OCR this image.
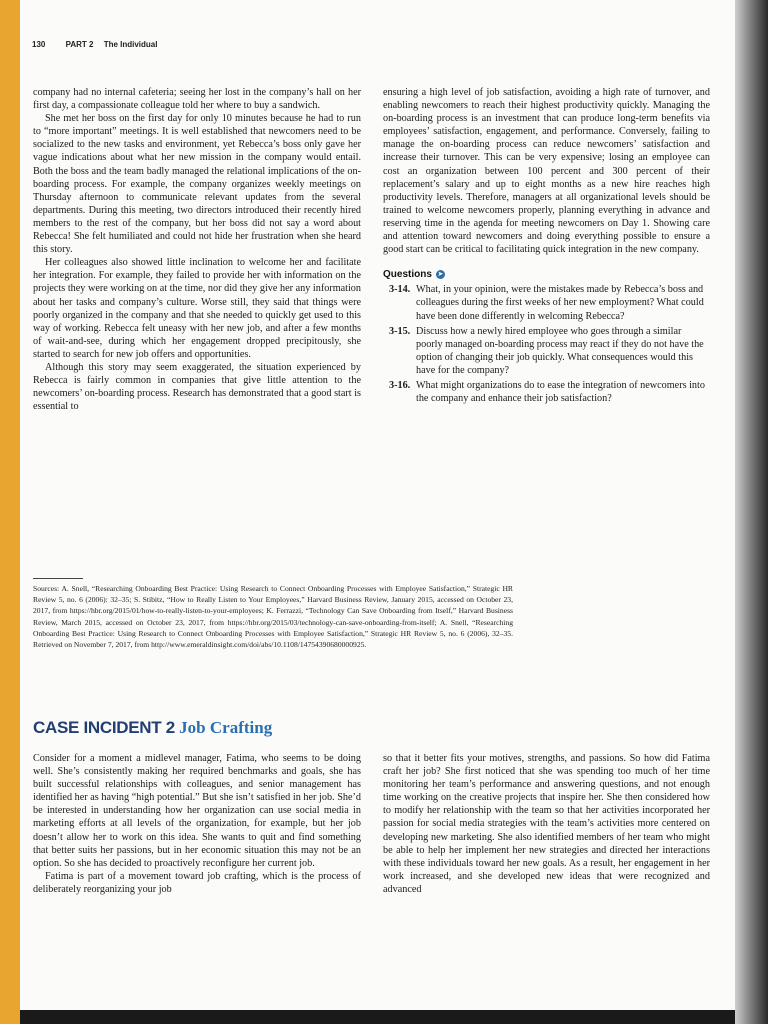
130	PART 2 The Individual

company had no internal cafeteria; seeing her lost in the company’s hall on her first day, a compassionate colleague told her where to buy a sandwich.

She met her boss on the first day for only 10 minutes because he had to run to “more important” meetings. It is well established that newcomers need to be socialized to the new tasks and environment, yet Rebecca’s boss only gave her vague indications about what her new mission in the company would entail. Both the boss and the team badly managed the relational implications of the on-boarding process. For example, the company organizes weekly meetings on Thursday afternoon to communicate relevant updates from the several departments. During this meeting, two directors introduced their recently hired members to the rest of the company, but her boss did not say a word about Rebecca! She felt humiliated and could not hide her frustration when she heard this story.

Her colleagues also showed little inclination to welcome her and facilitate her integration. For example, they failed to provide her with information on the projects they were working on at the time, nor did they give her any information about her tasks and company’s culture. Worse still, they said that things were poorly organized in the company and that she needed to quickly get used to this way of working. Rebecca felt uneasy with her new job, and after a few months of wait-and-see, during which her engagement dropped precipitously, she started to search for new job offers and opportunities.

Although this story may seem exaggerated, the situation experienced by Rebecca is fairly common in companies that give little attention to the newcomers’ on-boarding process. Research has demonstrated that a good start is essential to

ensuring a high level of job satisfaction, avoiding a high rate of turnover, and enabling newcomers to reach their highest productivity quickly. Managing the on-boarding process is an investment that can produce long-term benefits via employees’ satisfaction, engagement, and performance. Conversely, failing to manage the on-boarding process can reduce newcomers’ satisfaction and increase their turnover. This can be very expensive; losing an employee can cost an organization between 100 percent and 300 percent of their replacement’s salary and up to eight months as a new hire reaches high productivity levels. Therefore, managers at all organizational levels should be trained to welcome newcomers properly, planning everything in advance and reserving time in the agenda for meeting newcomers on Day 1. Showing care and attention toward newcomers and doing everything possible to ensure a good start can be critical to facilitating quick integration in the new company.

Questions ➤
3-14. What, in your opinion, were the mistakes made by Rebecca’s boss and colleagues during the first weeks of her new employment? What could have been done differently in welcoming Rebecca?
3-15. Discuss how a newly hired employee who goes through a similar poorly managed on-boarding process may react if they do not have the option of changing their job quickly. What consequences would this have for the company?
3-16. What might organizations do to ease the integration of newcomers into the company and enhance their job satisfaction?
Sources: A. Snell, “Researching Onboarding Best Practice: Using Research to Connect Onboarding Processes with Employee Satisfaction,” Strategic HR Review 5, no. 6 (2006): 32–35; S. Stibitz, “How to Really Listen to Your Employees,” Harvard Business Review, January 2015, accessed on October 23, 2017, from https://hbr.org/2015/01/how-to-really-listen-to-your-employees; K. Ferrazzi, “Technology Can Save Onboarding from Itself,” Harvard Business Review, March 2015, accessed on October 23, 2017, from https://hbr.org/2015/03/technology-can-save-onboarding-from-itself; A. Snell, “Researching Onboarding Best Practice: Using Research to Connect Onboarding Processes with Employee Satisfaction,” Strategic HR Review 5, no. 6 (2006), 32–35. Retrieved on November 7, 2017, from http://www.emeraldinsight.com/doi/abs/10.1108/14754390680000925.
CASE INCIDENT 2 Job Crafting

Consider for a moment a midlevel manager, Fatima, who seems to be doing well. She’s consistently making her required benchmarks and goals, she has built successful relationships with colleagues, and senior management has identified her as having “high potential.” But she isn’t satisfied in her job. She’d be interested in understanding how her organization can use social media in marketing efforts at all levels of the organization, for example, but her job doesn’t allow her to work on this idea. She wants to quit and find something that better suits her passions, but in her economic situation this may not be an option. So she has decided to proactively reconfigure her current job.

Fatima is part of a movement toward job crafting, which is the process of deliberately reorganizing your job

so that it better fits your motives, strengths, and passions. So how did Fatima craft her job? She first noticed that she was spending too much of her time monitoring her team’s performance and answering questions, and not enough time working on the creative projects that inspire her. She then considered how to modify her relationship with the team so that her activities incorporated her passion for social media strategies with the team’s activities more centered on developing new marketing. She also identified members of her team who might be able to help her implement her new strategies and directed her interactions with these individuals toward her new goals. As a result, her engagement in her work increased, and she developed new ideas that were recognized and advanced
